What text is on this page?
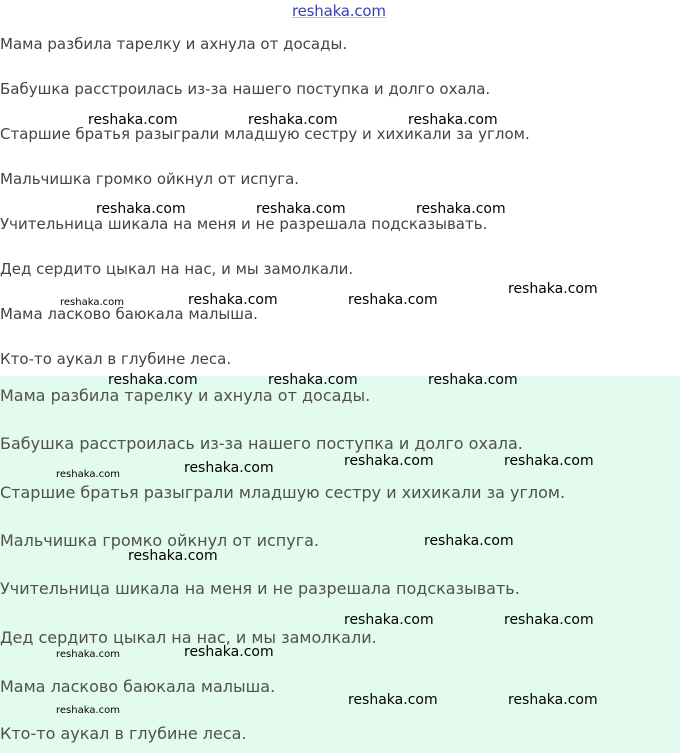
reshaka.com
Мама разбила тарелку и ахнула от досады.
Бабушка расстроилась из-за нашего поступка и долго охала.
Старшие братья разыграли младшую сестру и хихикали за углом.
Мальчишка громко ойкнул от испуга.
Учительница шикала на меня и не разрешала подсказывать.
Дед сердито цыкал на нас, и мы замолкали.
Мама ласково баюкала малыша.
Кто-то аукал в глубине леса.
Мама разбила тарелку и ахнула от досады.
Бабушка расстроилась из-за нашего поступка и долго охала.
Старшие братья разыграли младшую сестру и хихикали за углом.
Мальчишка громко ойкнул от испуга.
Учительница шикала на меня и не разрешала подсказывать.
Дед сердито цыкал на нас, и мы замолкали.
Мама ласково баюкала малыша.
Кто-то аукал в глубине леса.
reshaka.com	reshaka.com	reshaka.com
reshaka.com	reshaka.com	reshaka.com
reshaka.com	reshaka.com	reshaka.com
reshaka.com
reshaka.com	reshaka.com	reshaka.com
reshaka.com	reshaka.com	reshaka.com	reshaka.com
reshaka.com
reshaka.com
reshaka.com	reshaka.com
reshaka.com	reshaka.com
reshaka.com
reshaka.com	reshaka.com
